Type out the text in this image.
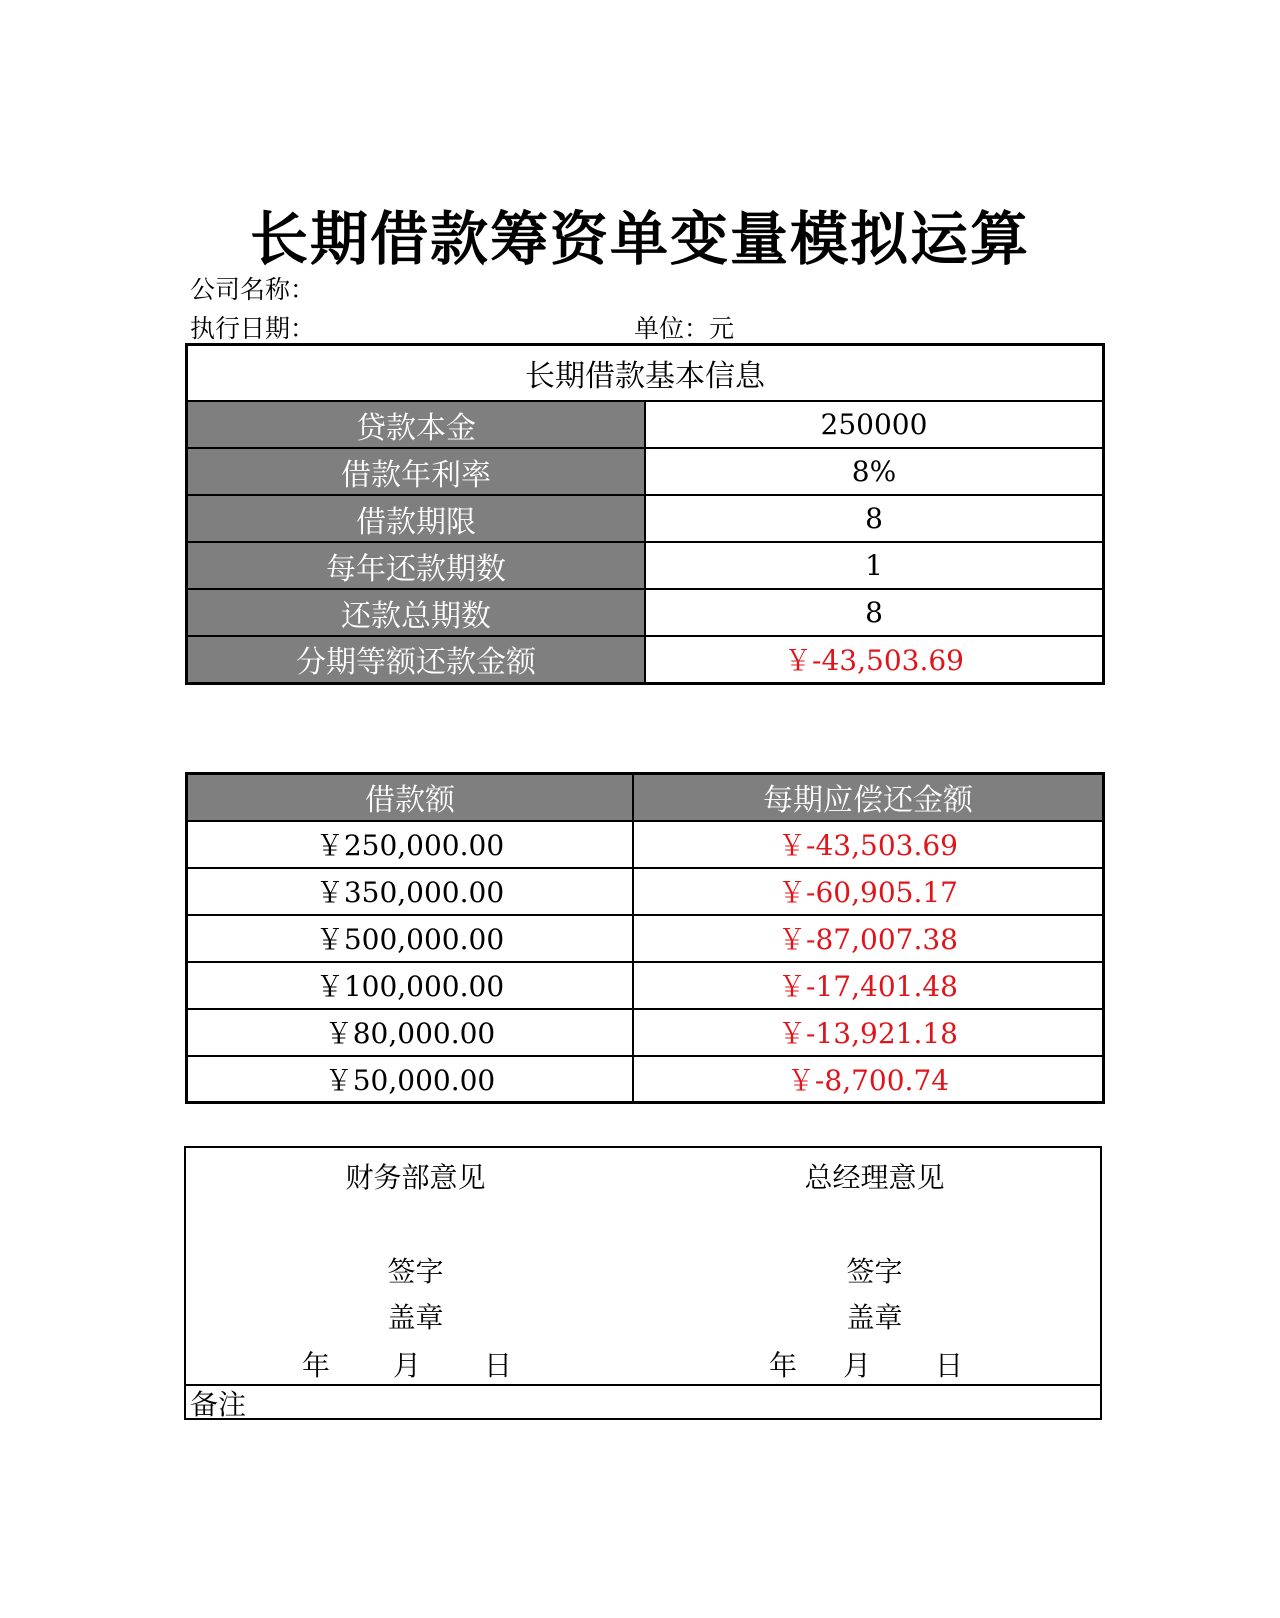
长期借款筹资单变量模拟运算
公司名称：
执行日期：	单位：元
长期借款基本信息	
贷款本金	250000
借款年利率	8%
借款期限	8
每年还款期数	1
还款总期数	8
分期等额还款金额	￥-43,503.69
借款额	每期应偿还金额
￥250,000.00	￥-43,503.69
￥350,000.00	￥-60,905.17
￥500,000.00	￥-87,007.38
￥100,000.00	￥-17,401.48
￥80,000.00	￥-13,921.18
￥50,000.00	￥-8,700.74
财务部意见
签字
盖章
年 月 日
总经理意见
签字
盖章
年 月 日
备注
